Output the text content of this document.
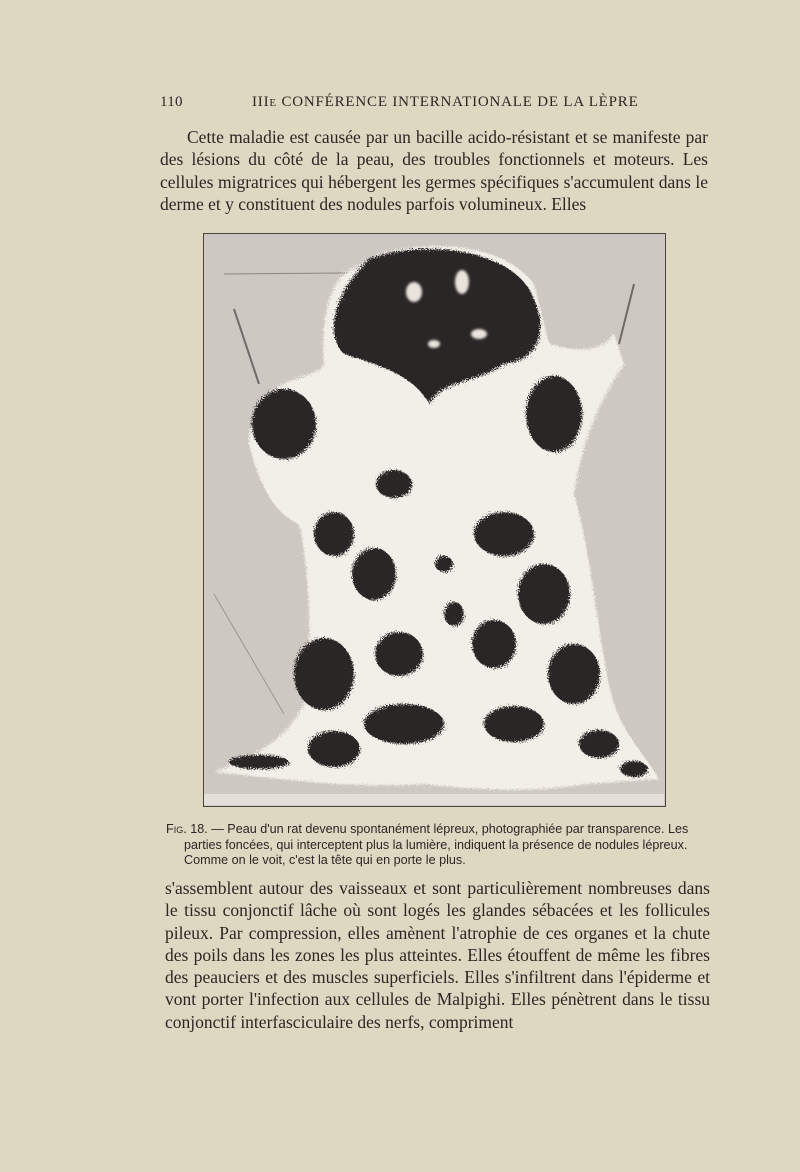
110	IIIe CONFÉRENCE INTERNATIONALE DE LA LÈPRE

Cette maladie est causée par un bacille acido-résistant et se manifeste par des lésions du côté de la peau, des troubles fonctionnels et moteurs. Les cellules migratrices qui hébergent les germes spécifiques s'accumulent dans le derme et y constituent des nodules parfois volumineux. Elles

Fig. 18. — Peau d'un rat devenu spontanément lépreux, photographiée par transparence. Les parties foncées, qui interceptent plus la lumière, indiquent la présence de nodules lépreux. Comme on le voit, c'est la tête qui en porte le plus.

s'assemblent autour des vaisseaux et sont particulièrement nombreuses dans le tissu conjonctif lâche où sont logés les glandes sébacées et les follicules pileux. Par compression, elles amènent l'atrophie de ces organes et la chute des poils dans les zones les plus atteintes. Elles étouffent de même les fibres des peauciers et des muscles superficiels. Elles s'infiltrent dans l'épiderme et vont porter l'infection aux cellules de Malpighi. Elles pénètrent dans le tissu conjonctif interfasciculaire des nerfs, compriment
